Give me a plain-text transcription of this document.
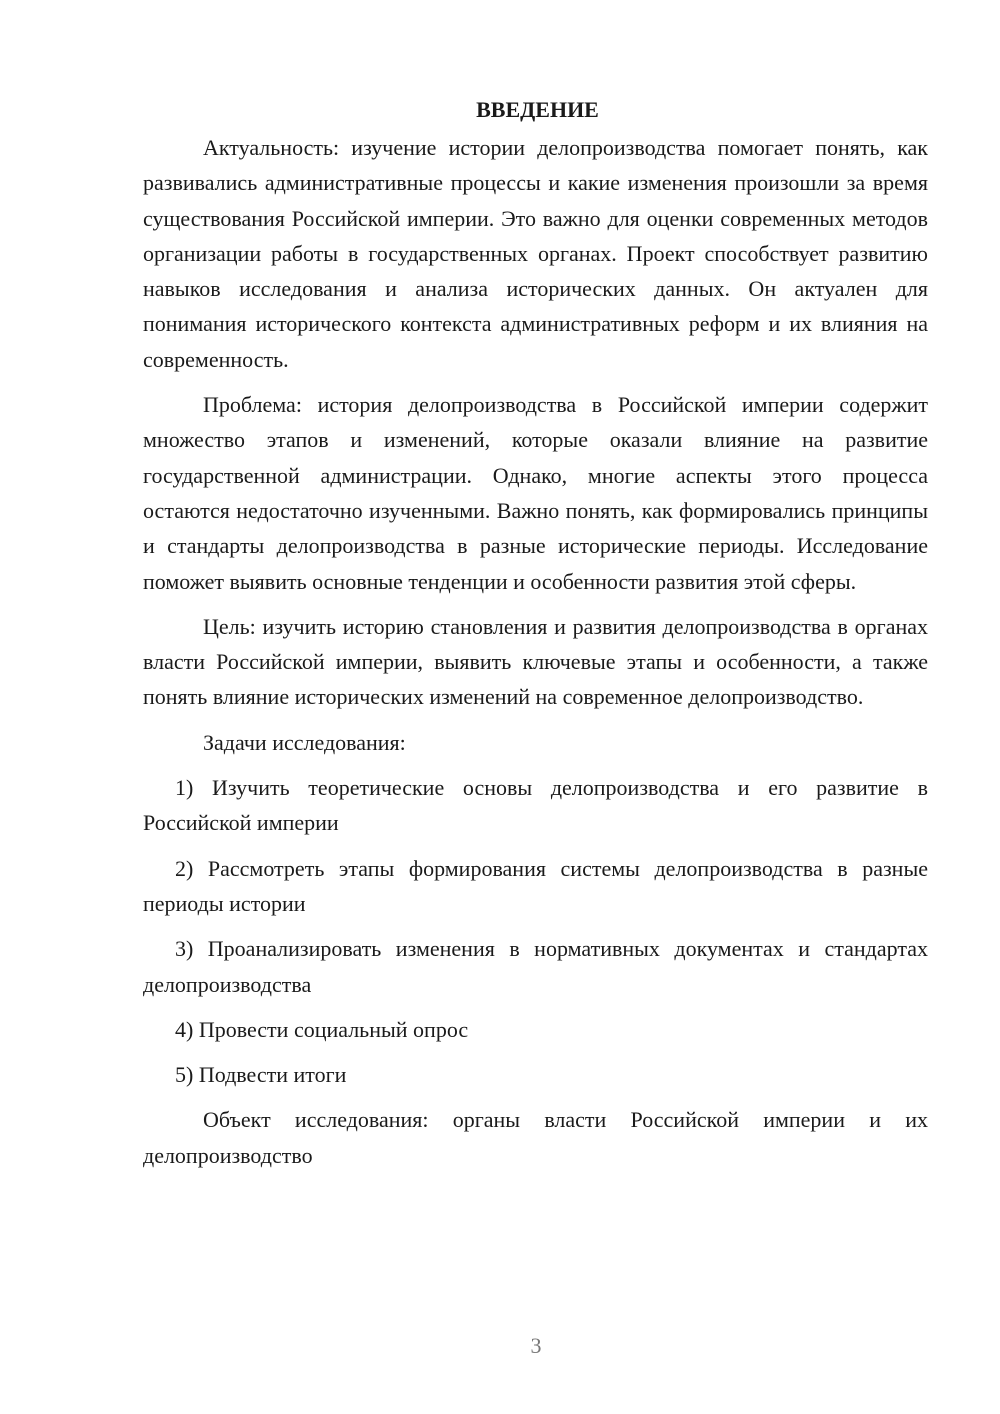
ВВЕДЕНИЕ

Актуальность: изучение истории делопроизводства помогает понять, как развивались административные процессы и какие изменения произошли за время существования Российской империи. Это важно для оценки современных методов организации работы в государственных органах. Проект способствует развитию навыков исследования и анализа исторических данных. Он актуален для понимания исторического контекста административных реформ и их влияния на современность.

Проблема: история делопроизводства в Российской империи содержит множество этапов и изменений, которые оказали влияние на развитие государственной администрации. Однако, многие аспекты этого процесса остаются недостаточно изученными. Важно понять, как формировались принципы и стандарты делопроизводства в разные исторические периоды. Исследование поможет выявить основные тенденции и особенности развития этой сферы.

Цель: изучить историю становления и развития делопроизводства в органах власти Российской империи, выявить ключевые этапы и особенности, а также понять влияние исторических изменений на современное делопроизводство.

Задачи исследования:

1) Изучить теоретические основы делопроизводства и его развитие в Российской империи

2) Рассмотреть этапы формирования системы делопроизводства в разные периоды истории

3) Проанализировать изменения в нормативных документах и стандартах делопроизводства

4) Провести социальный опрос

5) Подвести итоги

Объект исследования: органы власти Российской империи и их делопроизводство

3
